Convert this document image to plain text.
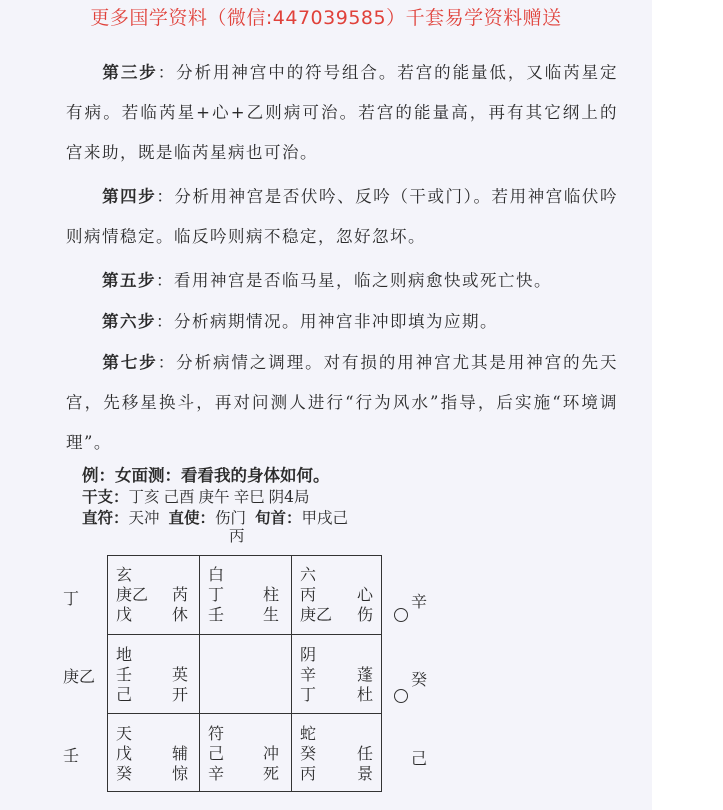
更多国学资料（微信:447039585）千套易学资料赠送
第三步：分析用神宫中的符号组合。若宫的能量低，又临芮星定有病。若临芮星+心+乙则病可治。若宫的能量高，再有其它纲上的宫来助，既是临芮星病也可治。
第四步：分析用神宫是否伏吟、反吟（干或门）。若用神宫临伏吟则病情稳定。临反吟则病不稳定，忽好忽坏。
第五步：看用神宫是否临马星，临之则病愈快或死亡快。
第六步：分析病期情况。用神宫非冲即填为应期。
第七步：分析病情之调理。对有损的用神宫尤其是用神宫的先天宫，先移星换斗，再对问测人进行“行为风水”指导，后实施“环境调理”。
例：女面测：看看我的身体如何。
干支：丁亥 己酉 庚午 辛巳 阴4局
直符：天冲 直使：伤门 旬首：甲戌己
丙
丁
庚乙
壬
辛
癸
己
玄
庚乙
戊
芮
休
白
丁
壬
柱
生
六
丙
庚乙
心
伤
地
壬
己
英
开
阴
辛
丁
蓬
杜
天
戊
癸
辅
惊
符
己
辛
冲
死
蛇
癸
丙
任
景
